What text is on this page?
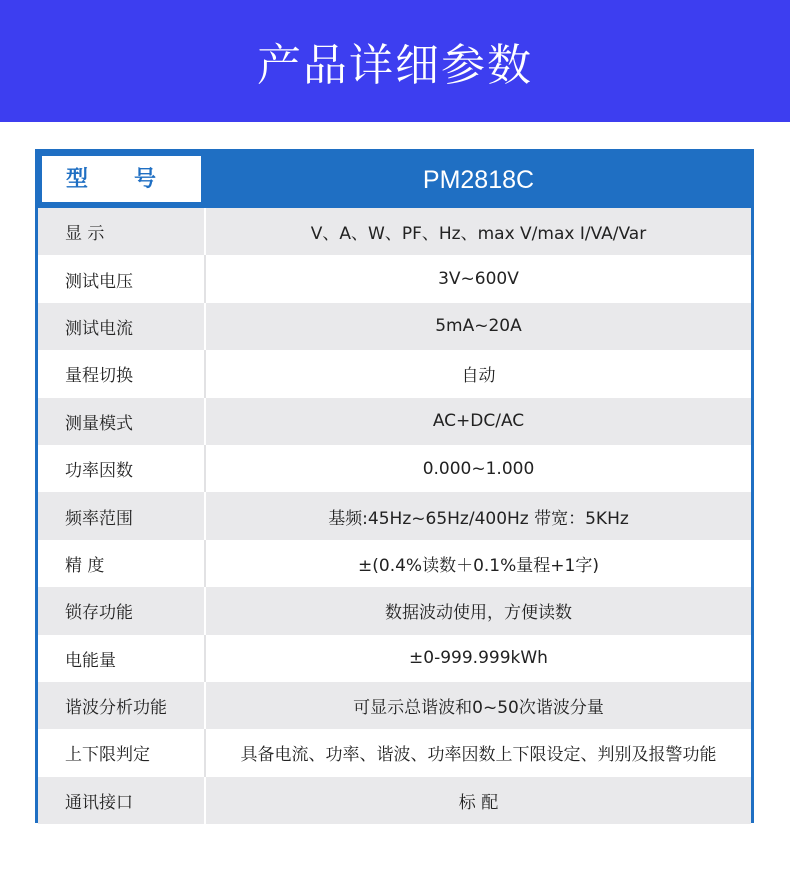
产品详细参数
型号	PM2818C
显 示	V、A、W、PF、Hz、max V/max I/VA/Var
测试电压	3V~600V
测试电流	5mA~20A
量程切换	自动
测量模式	AC+DC/AC
功率因数	0.000~1.000
频率范围	基频:45Hz~65Hz/400Hz 带宽：5KHz
精 度	±(0.4%读数＋0.1%量程+1字)
锁存功能	数据波动使用，方便读数
电能量	±0-999.999kWh
谐波分析功能	可显示总谐波和0~50次谐波分量
上下限判定	具备电流、功率、谐波、功率因数上下限设定、判别及报警功能
通讯接口	标 配
